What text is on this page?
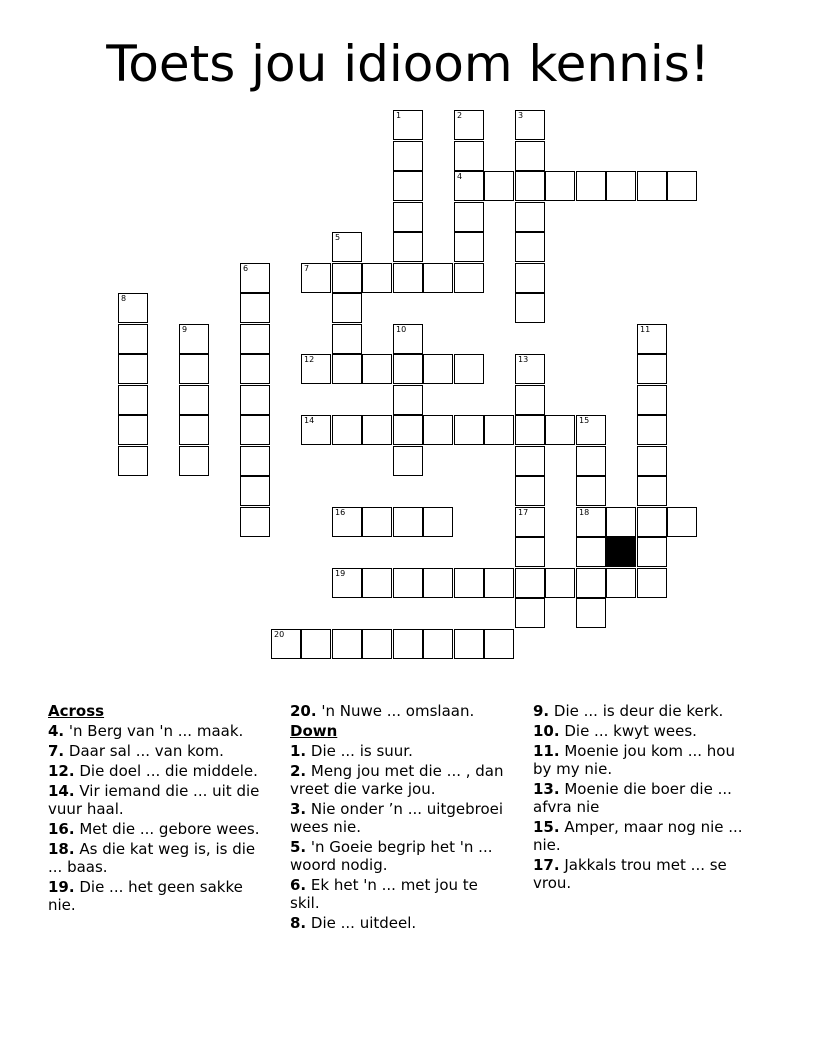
Toets jou idioom kennis!
4
7
12
14	15
16	18
19
20
1	2	3
5
6
8
9	10	11
13
17
Across
4. 'n Berg van 'n ... maak.
7. Daar sal ... van kom.
12. Die doel ... die middele.
14. Vir iemand die ... uit die vuur haal.
16. Met die ... gebore wees.
18. As die kat weg is, is die ... baas.
19. Die ... het geen sakke nie.
20. 'n Nuwe ... omslaan.
Down
1. Die ... is suur.
2. Meng jou met die ... , dan vreet die varke jou.
3. Nie onder ’n ... uitgebroei wees nie.
5. 'n Goeie begrip het 'n ... woord nodig.
6. Ek het 'n ... met jou te skil.
8. Die ... uitdeel.
9. Die ... is deur die kerk.
10. Die ... kwyt wees.
11. Moenie jou kom ... hou by my nie.
13. Moenie die boer die ... afvra nie
15. Amper, maar nog nie ... nie.
17. Jakkals trou met ... se vrou.
